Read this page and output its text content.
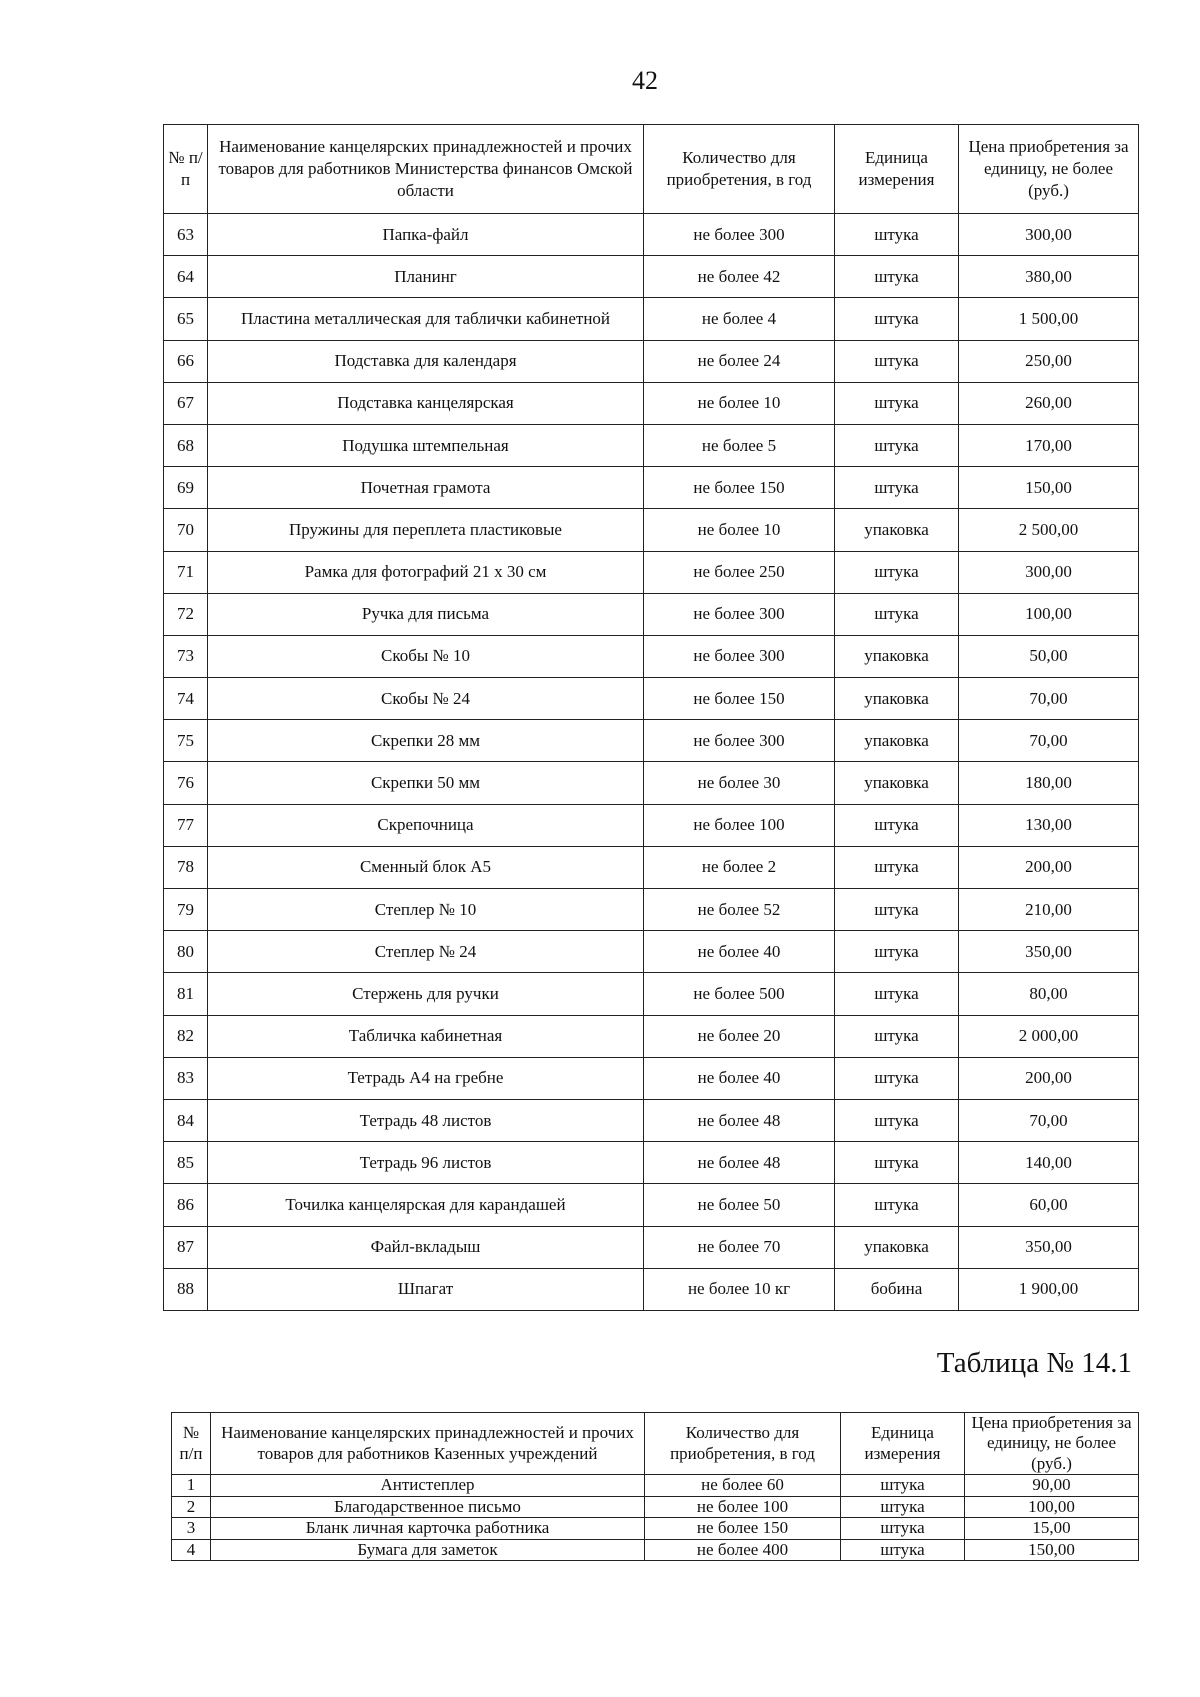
42
№ п/п	Наименование канцелярских принадлежностей и прочих товаров для работников Министерства финансов Омской области	Количество для приобретения, в год	Единица измерения	Цена приобретения за единицу, не более (руб.)
63	Папка-файл	не более 300	штука	300,00
64	Планинг	не более 42	штука	380,00
65	Пластина металлическая для таблички кабинетной	не более 4	штука	1 500,00
66	Подставка для календаря	не более 24	штука	250,00
67	Подставка канцелярская	не более 10	штука	260,00
68	Подушка штемпельная	не более 5	штука	170,00
69	Почетная грамота	не более 150	штука	150,00
70	Пружины для переплета пластиковые	не более 10	упаковка	2 500,00
71	Рамка для фотографий 21 х 30 см	не более 250	штука	300,00
72	Ручка для письма	не более 300	штука	100,00
73	Скобы № 10	не более 300	упаковка	50,00
74	Скобы № 24	не более 150	упаковка	70,00
75	Скрепки 28 мм	не более 300	упаковка	70,00
76	Скрепки 50 мм	не более 30	упаковка	180,00
77	Скрепочница	не более 100	штука	130,00
78	Сменный блок А5	не более 2	штука	200,00
79	Степлер № 10	не более 52	штука	210,00
80	Степлер № 24	не более 40	штука	350,00
81	Стержень для ручки	не более 500	штука	80,00
82	Табличка кабинетная	не более 20	штука	2 000,00
83	Тетрадь А4 на гребне	не более 40	штука	200,00
84	Тетрадь 48 листов	не более 48	штука	70,00
85	Тетрадь 96 листов	не более 48	штука	140,00
86	Точилка канцелярская для карандашей	не более 50	штука	60,00
87	Файл-вкладыш	не более 70	упаковка	350,00
88	Шпагат	не более 10 кг	бобина	1 900,00
Таблица № 14.1
№ п/п	Наименование канцелярских принадлежностей и прочих товаров для работников Казенных учреждений	Количество для приобретения, в год	Единица измерения	Цена приобретения за единицу, не более (руб.)
1	Антистеплер	не более 60	штука	90,00
2	Благодарственное письмо	не более 100	штука	100,00
3	Бланк личная карточка работника	не более 150	штука	15,00
4	Бумага для заметок	не более 400	штука	150,00
